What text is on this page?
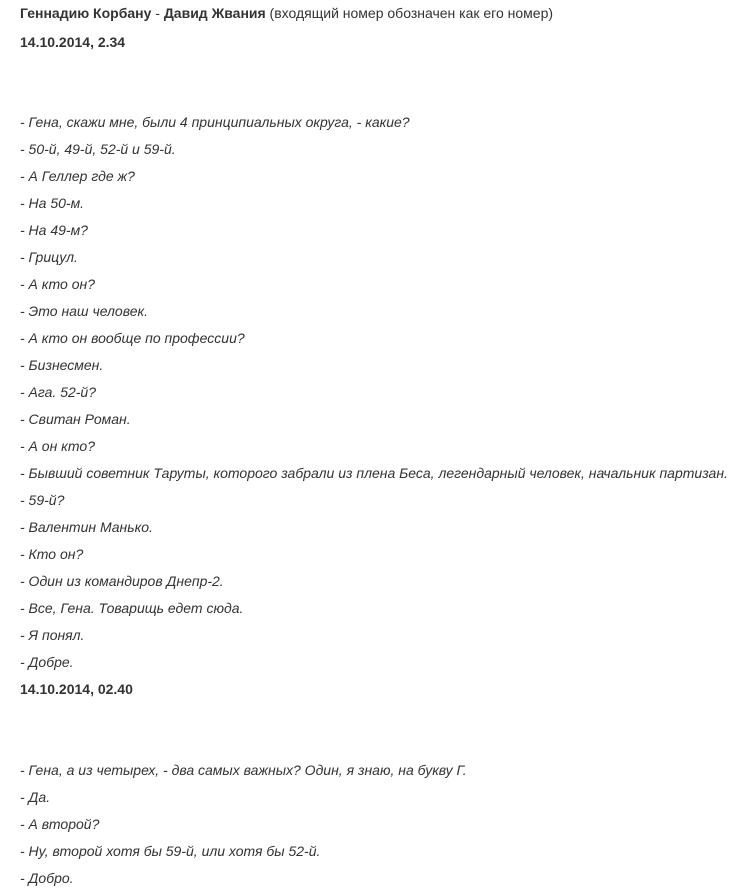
Геннадию Корбану - Давид Жвания (входящий номер обозначен как его номер)
14.10.2014, 2.34
- Гена, скажи мне, были 4 принципиальных округа, - какие?
- 50-й, 49-й, 52-й и 59-й.
- А Геллер где ж?
- На 50-м.
- На 49-м?
- Грицул.
- А кто он?
- Это наш человек.
- А кто он вообще по профессии?
- Бизнесмен.
- Ага. 52-й?
- Свитан Роман.
- А он кто?
- Бывший советник Таруты, которого забрали из плена Беса, легендарный человек, начальник партизан.
- 59-й?
- Валентин Манько.
- Кто он?
- Один из командиров Днепр-2.
- Все, Гена. Товарищь едет сюда.
- Я понял.
- Добре.
14.10.2014, 02.40
- Гена, а из четырех, - два самых важных? Один, я знаю, на букву Г.
- Да.
- А второй?
- Ну, второй хотя бы 59-й, или хотя бы 52-й.
- Добро.
